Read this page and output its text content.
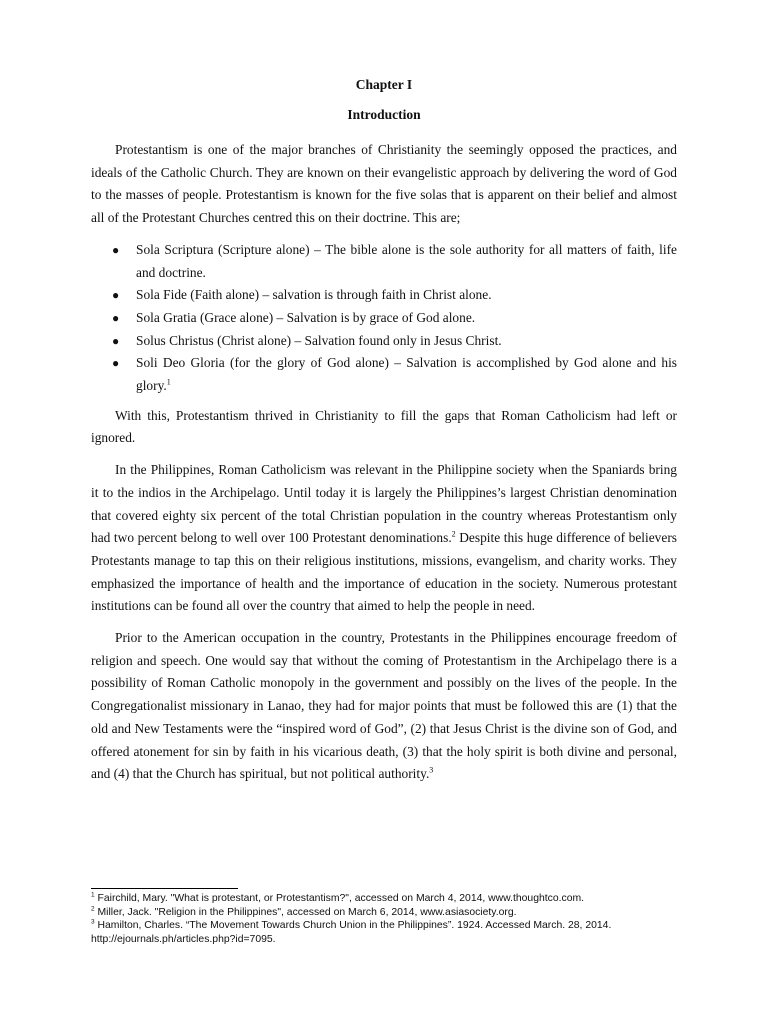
Chapter I
Introduction

Protestantism is one of the major branches of Christianity the seemingly opposed the practices, and ideals of the Catholic Church. They are known on their evangelistic approach by delivering the word of God to the masses of people. Protestantism is known for the five solas that is apparent on their belief and almost all of the Protestant Churches centred this on their doctrine. This are;

● Sola Scriptura (Scripture alone) – The bible alone is the sole authority for all matters of faith, life and doctrine.
● Sola Fide (Faith alone) – salvation is through faith in Christ alone.
● Sola Gratia (Grace alone) – Salvation is by grace of God alone.
● Solus Christus (Christ alone) – Salvation found only in Jesus Christ.
● Soli Deo Gloria (for the glory of God alone) – Salvation is accomplished by God alone and his glory.$^1$

With this, Protestantism thrived in Christianity to fill the gaps that Roman Catholicism had left or ignored.

In the Philippines, Roman Catholicism was relevant in the Philippine society when the Spaniards bring it to the indios in the Archipelago. Until today it is largely the Philippines’s largest Christian denomination that covered eighty six percent of the total Christian population in the country whereas Protestantism only had two percent belong to well over 100 Protestant denominations.$^2$ Despite this huge difference of believers Protestants manage to tap this on their religious institutions, missions, evangelism, and charity works. They emphasized the importance of health and the importance of education in the society. Numerous protestant institutions can be found all over the country that aimed to help the people in need.

Prior to the American occupation in the country, Protestants in the Philippines encourage freedom of religion and speech. One would say that without the coming of Protestantism in the Archipelago there is a possibility of Roman Catholic monopoly in the government and possibly on the lives of the people. In the Congregationalist missionary in Lanao, they had for major points that must be followed this are (1) that the old and New Testaments were the “inspired word of God”, (2) that Jesus Christ is the divine son of God, and offered atonement for sin by faith in his vicarious death, (3) that the holy spirit is both divine and personal, and (4) that the Church has spiritual, but not political authority.$^3$

$^1$ Fairchild, Mary. "What is protestant, or Protestantism?", accessed on March 4, 2014, www.thoughtco.com.
$^2$ Miller, Jack. "Religion in the Philippines", accessed on March 6, 2014, www.asiasociety.org.
$^3$ Hamilton, Charles. “The Movement Towards Church Union in the Philippines”. 1924. Accessed March. 28, 2014.
http://ejournals.ph/articles.php?id=7095.
